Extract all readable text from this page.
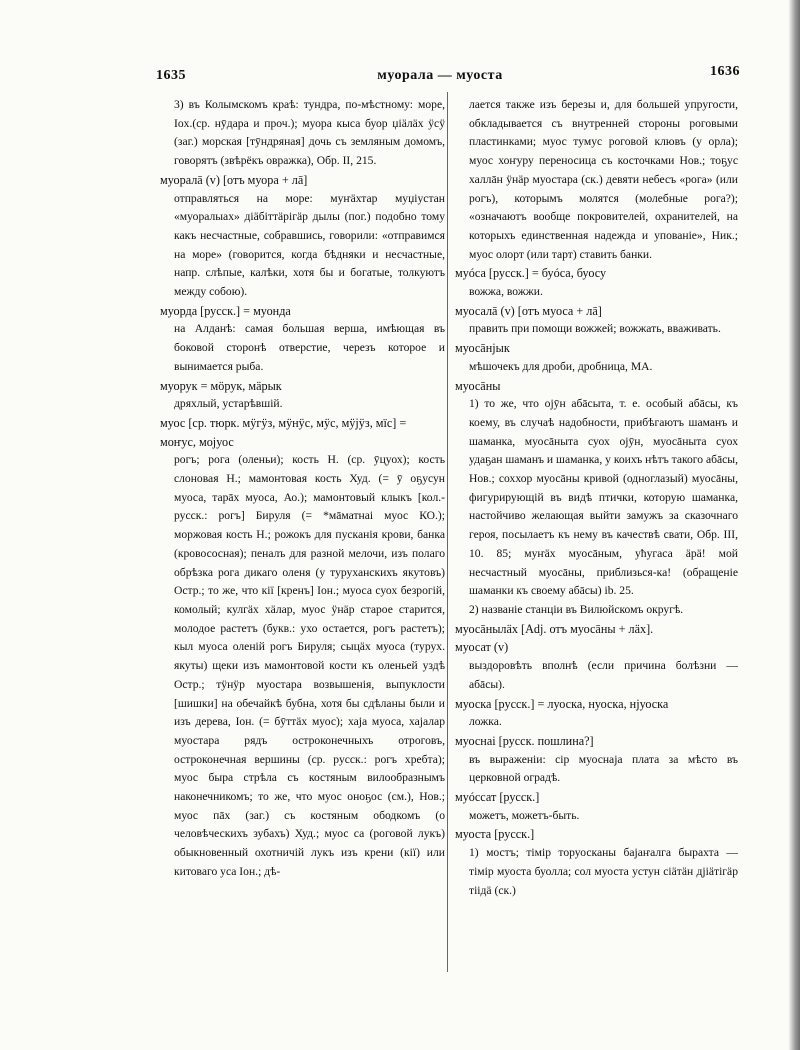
1635	муорала — муоста	1636
3) въ Колымскомъ краѣ: тундра, по-мѣстному: море, Iox.(ср. нӯдара и проч.); муора кыса буор џiäлäх ӱсӱ (заг.) морская [тӯндряная] дочь съ земляным домомъ, говорятъ (звѣрёкъ овражка), Обр. II, 215.
муоралā (v) [отъ муора + лā]
отправляться на море: муҥäхтар муџiустан «муоралыах» дiäбiттäрiгäр дылы (пог.) подобно тому какъ несчастные, собравшись, говорили: «отправимся на море» (говорится, когда бѣдняки и несчастные, напр. слѣпые, калѣки, хотя бы и богатые, толкуютъ между собою).
муорда [русск.] = муонда
на Алданѣ: самая большая верша, имѣющая въ боковой сторонѣ отверстие, черезъ которое и вынимается рыба.
муорук = мöрук, мäрык
дряхлый, устарѣвшій.
муос [ср. тюрк. мӱгӱз, мӱнӱс, мӱс, мӱјӱз, мïс] = моҥус, мојуос
рогъ; рога (оленьи); кость Н. (ср. ӯцуох); кость слоновая Н.; мамонтовая кость Худ. (= ӯ оҕусун муоса, тарāх муоса, Ао.); мамонтовый клыкъ [кол.-русск.: рогъ] Бируля (= *мāматнаi муос КО.); моржовая кость Н.; рожокъ для пусканiя крови, банка (кровососная); пеналъ для разной мелочи, изъ полаго обрѣзка рога дикаго оленя (у туруханскихъ якутовъ) Остр.; то же, что кiï [кренъ] Iон.; муоса суох безрогій, комолый; кулгäх хäлар, муос ӱнäр старое старится, молодое растетъ (букв.: ухо остается, рогъ растетъ); кыл муоса оленiй рогъ Бируля; сыцäх муоса (турух. якуты) щеки изъ мамонтовой кости къ оленьей уздѣ Остр.; тӱнӱр муостара возвышенiя, выпуклости [шишки] на обечайкѣ бубна, хотя бы сдѣланы были и изъ дерева, Iон. (= бӯттäх муос); хаја муоса, хајалар муостара рядъ остроконечныхъ отроговъ, остроконечная вершины (ср. русск.: рогъ хребта); муос быра стрѣла съ костяным вилообразнымъ наконечникомъ; то же, что муос оноҕос (см.), Нов.; муос пāх (заг.) съ костяным ободкомъ (о человѣческихъ зубахъ) Худ.; муос са (роговой лукъ) обыкновенный охотничiй лукъ изъ крени (кiï) или китоваго уса Iон.; дѣ-
лается также изъ березы и, для большей упругости, обкладывается съ внутренней стороны роговыми пластинками; муос тумус роговой клювъ (у орла); муос хоҥуру переносица съ косточками Нов.; тоҕус халлāн ӱнäр муостара (ск.) девяти небесъ «рога» (или рогъ), которымъ молятся (молебные рога?); «означаютъ вообще покровителей, охранителей, на которыхъ единственная надежда и упованiе», Ник.; муос олорт (или тарт) ставить банки.
муóса [русск.] = буóса, буосу
вожжа, вожжи.
муосалā (v) [отъ муоса + лā]
править при помощи вожжей; вожжать, вваживать.
муосāнјык
мѣшочекъ для дроби, дробница, МА.
муосāны
1) то же, что ојӯн абāсыта, т. е. особый абāсы, къ коему, въ случаѣ надобности, прибѣгаютъ шаманъ и шаманка, муосāныта суох ојӯн, муосāныта суох удаҕан шаманъ и шаманка, у коихъ нѣтъ такого абāсы, Нов.; соххор муосāны кривой (одноглазый) муосāны, фигурирующiй въ видѣ птички, которую шаманка, настойчиво желающая выйти замужъ за сказочнаго героя, посылаетъ къ нему въ качествѣ свати, Обр. III, 10. 85; муҥäх муосāным, ућугаса äрä! мой несчастный муосāны, приблизься-ка! (обращенiе шаманки къ своему абāсы) ib. 25.
2) названiе станцiи въ Вилюйскомъ округѣ.
муосāнылäх [Adj. отъ муосāны + лäх].
муосат (v)
выздоровѣть вполнѣ (если причина болѣзни — абāсы).
муоска [русск.] = луоска, нуоска, нјуоска
ложка.
муоснаі [русск. пошлина?]
въ выраженiи: сiр муоснаја плата за мѣсто въ церковной оградѣ.
муóссат [русск.]
можетъ, можетъ-быть.
муоста [русск.]
1) мостъ; тiмiр торуосканы бајаҥалга бырахта — тiмiр муоста буолла; сол муоста устун сiäтäн дјiäтiгäр тiiдä (ск.)
